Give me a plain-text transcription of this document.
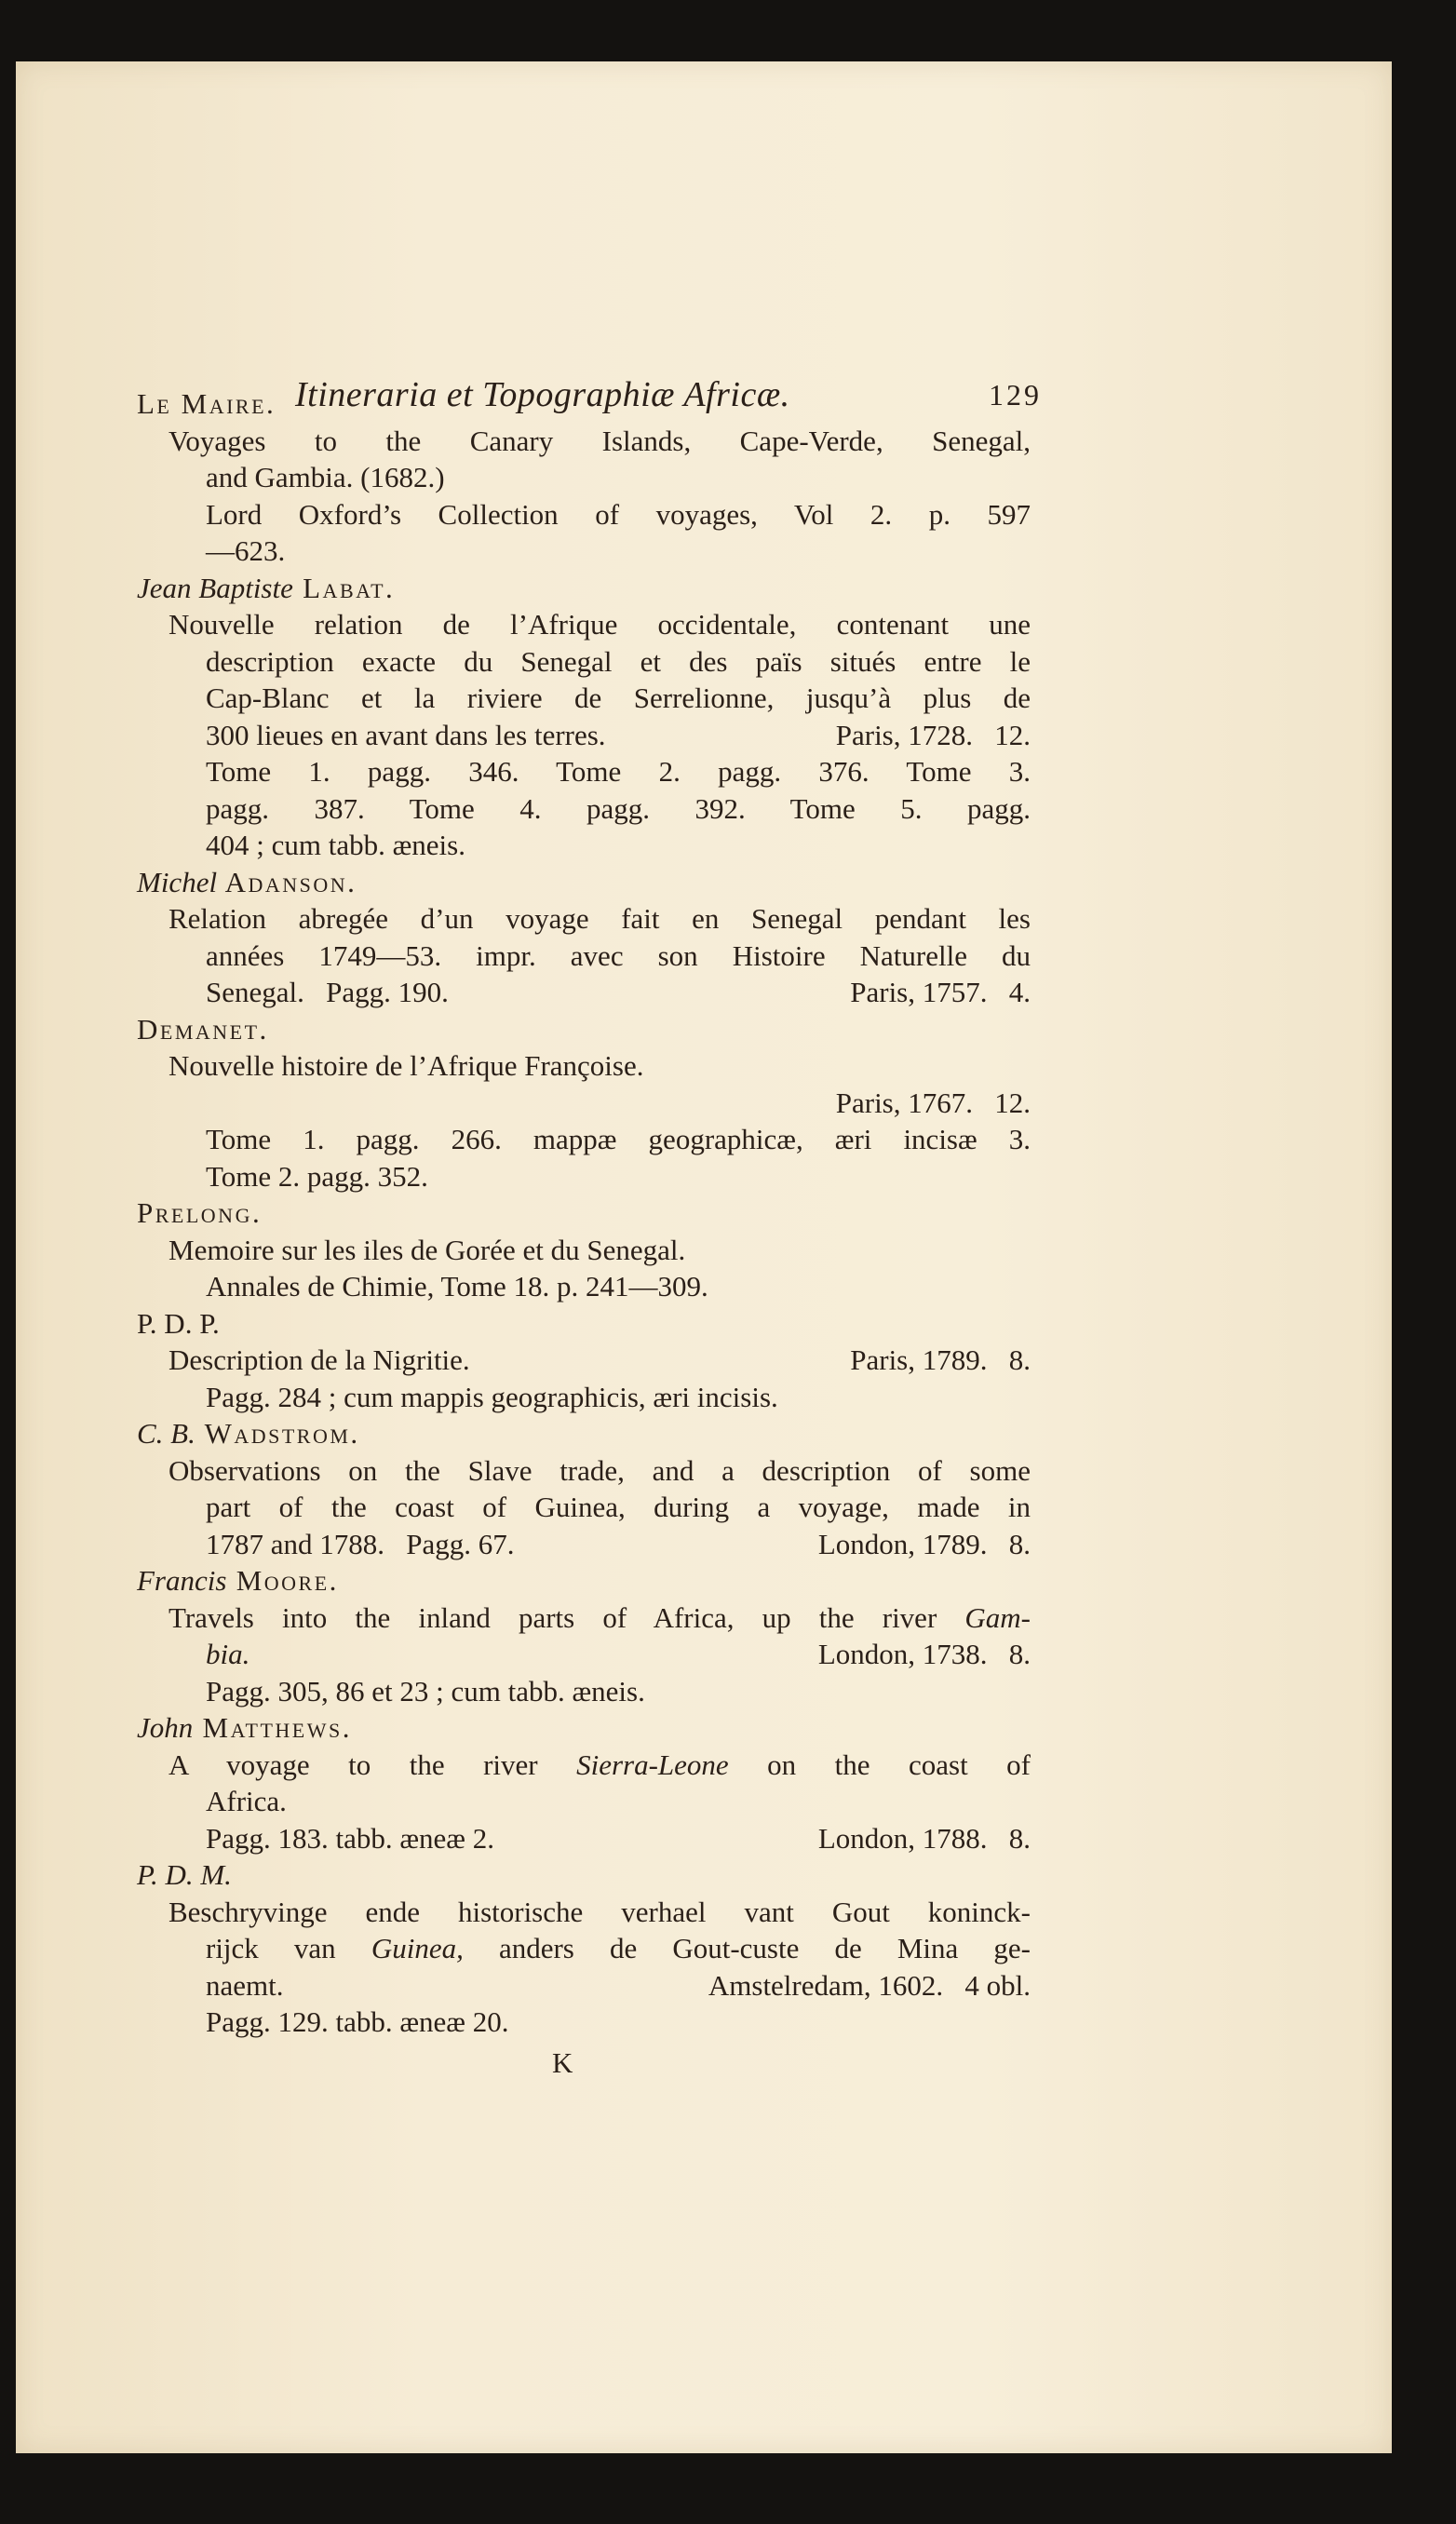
Itineraria et Topographiæ Africæ.	129
Le Maire.
Voyages to the Canary Islands, Cape-Verde, Senegal,
and Gambia. (1682.)
Lord Oxford’s Collection of voyages, Vol 2. p. 597
—623.
Jean Baptiste Labat.
Nouvelle relation de l’Afrique occidentale, contenant une
description exacte du Senegal et des païs situés entre le
Cap-Blanc et la riviere de Serrelionne, jusqu’à plus de
300 lieues en avant dans les terres.	Paris, 1728.   12.
Tome 1. pagg. 346. Tome 2. pagg. 376. Tome 3.
pagg. 387. Tome 4. pagg. 392. Tome 5. pagg.
404 ; cum tabb. æneis.
Michel Adanson.
Relation abregée d’un voyage fait en Senegal pendant les
années 1749—53. impr. avec son Histoire Naturelle du
Senegal.   Pagg. 190.	Paris, 1757.   4.
Demanet.
Nouvelle histoire de l’Afrique Françoise.
Paris, 1767.   12.
Tome 1. pagg. 266. mappæ geographicæ, æri incisæ 3.
Tome 2. pagg. 352.
Prelong.
Memoire sur les iles de Gorée et du Senegal.
Annales de Chimie, Tome 18. p. 241—309.
P. D. P.
Description de la Nigritie.	Paris, 1789.   8.
Pagg. 284 ; cum mappis geographicis, æri incisis.
C. B. Wadstrom.
Observations on the Slave trade, and a description of some
part of the coast of Guinea, during a voyage, made in
1787 and 1788.   Pagg. 67.	London, 1789.   8.
Francis Moore.
Travels into the inland parts of Africa, up the river Gam-
bia.	London, 1738.   8.
Pagg. 305, 86 et 23 ; cum tabb. æneis.
John Matthews.
A voyage to the river Sierra-Leone on the coast of
Africa.
Pagg. 183. tabb. æneæ 2.	London, 1788.   8.
P. D. M.
Beschryvinge ende historische verhael vant Gout koninck-
rijck van Guinea, anders de Gout-custe de Mina ge-
naemt.	Amstelredam, 1602.   4 obl.
Pagg. 129. tabb. æneæ 20.
K
